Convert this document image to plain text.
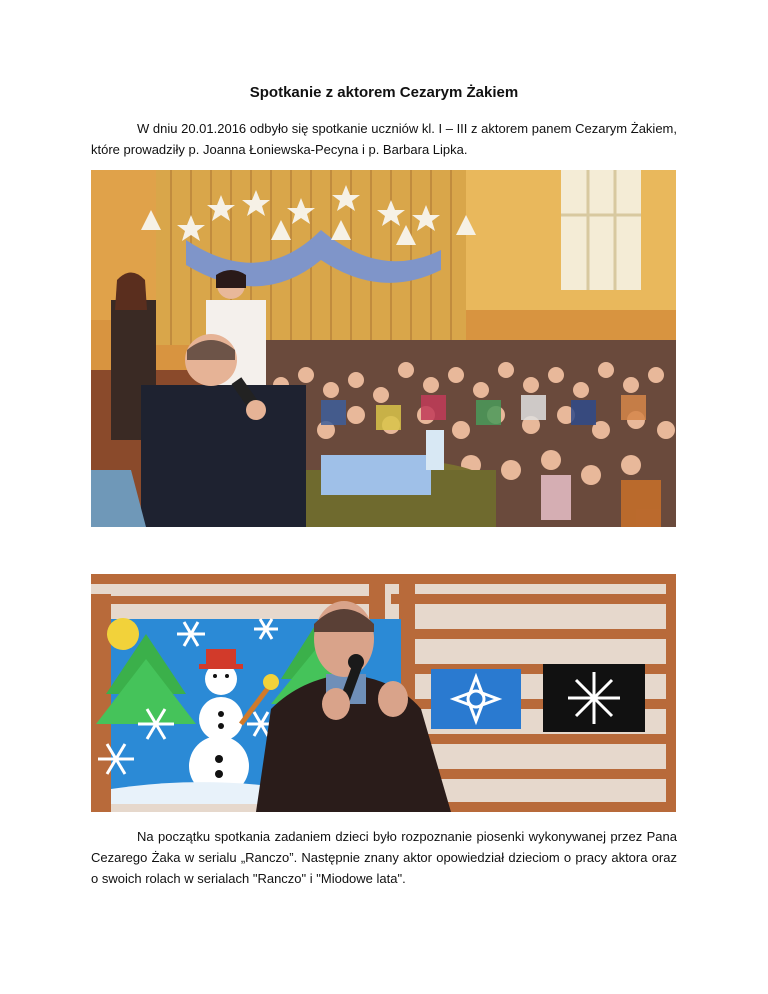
Spotkanie z aktorem Cezarym Żakiem

W dniu 20.01.2016 odbyło się spotkanie uczniów kl. I – III z aktorem panem Cezarym Żakiem, które prowadziły p. Joanna Łoniewska-Pecyna i p. Barbara Lipka.

Na początku spotkania zadaniem dzieci było rozpoznanie piosenki wykonywanej przez Pana Cezarego Żaka w serialu „Ranczo”. Następnie znany aktor opowiedział dzieciom o pracy aktora oraz o swoich rolach w serialach "Ranczo" i "Miodowe lata".
